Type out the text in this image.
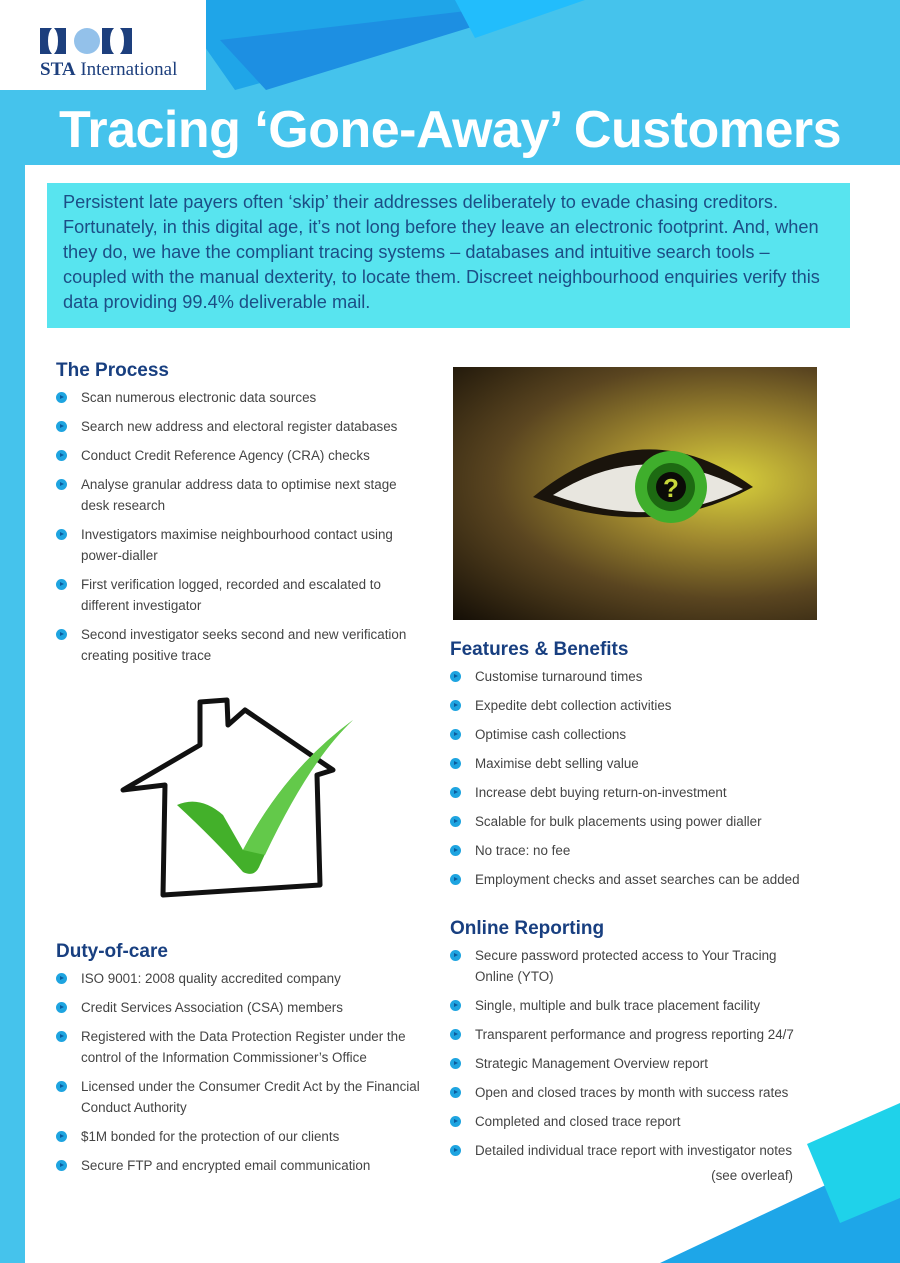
STA International
Tracing ‘Gone-Away’ Customers
Persistent late payers often ‘skip’ their addresses deliberately to evade chasing creditors. Fortunately, in this digital age, it’s not long before they leave an electronic footprint. And, when they do, we have the compliant tracing systems – databases and intuitive search tools – coupled with the manual dexterity, to locate them. Discreet neighbourhood enquiries verify this data providing 99.4% deliverable mail.
The Process
Scan numerous electronic data sources
Search new address and electoral register databases
Conduct Credit Reference Agency (CRA) checks
Analyse granular address data to optimise next stage desk research
Investigators maximise neighbourhood contact using power-dialler
First verification logged, recorded and escalated to different investigator
Second investigator seeks second and new verification creating positive trace
?
Features & Benefits
Customise turnaround times
Expedite debt collection activities
Optimise cash collections
Maximise debt selling value
Increase debt buying return-on-investment
Scalable for bulk placements using power dialler
No trace: no fee
Employment checks and asset searches can be added
Duty-of-care
ISO 9001: 2008 quality accredited company
Credit Services Association (CSA) members
Registered with the Data Protection Register under the control of the Information Commissioner’s Office
Licensed under the Consumer Credit Act by the Financial Conduct Authority
$1M bonded for the protection of our clients
Secure FTP and encrypted email communication
Online Reporting
Secure password protected access to Your Tracing Online (YTO)
Single, multiple and bulk trace placement facility
Transparent performance and progress reporting 24/7
Strategic Management Overview report
Open and closed traces by month with success rates
Completed and closed trace report
Detailed individual trace report with investigator notes
(see overleaf)
